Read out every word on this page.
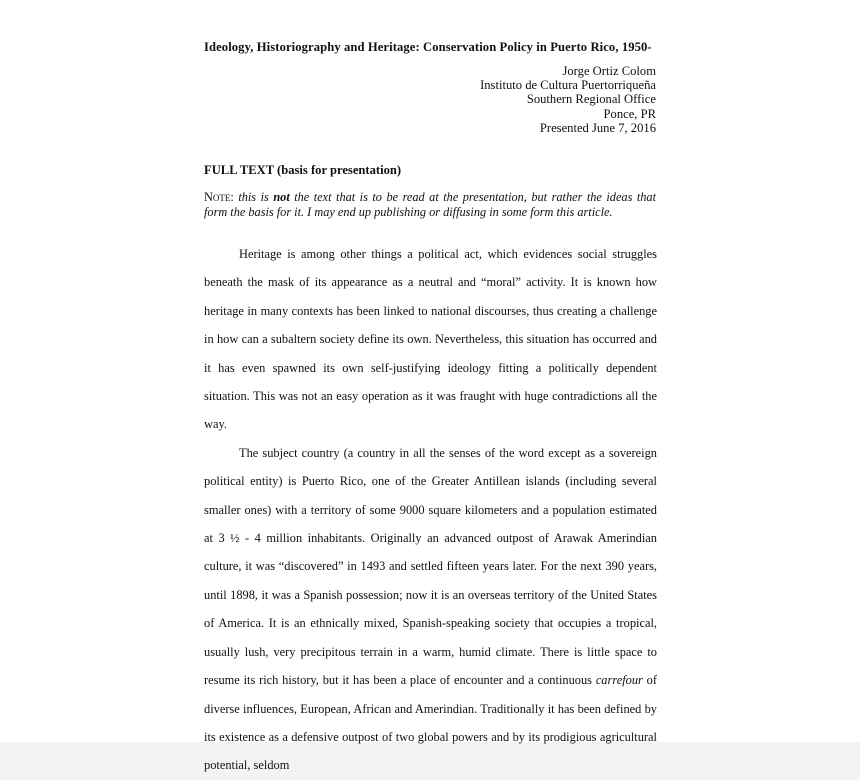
Ideology, Historiography and Heritage: Conservation Policy in Puerto Rico, 1950-
Jorge Ortiz Colom
Instituto de Cultura Puertorriqueña
Southern Regional Office
Ponce, PR
Presented June 7, 2016
FULL TEXT (basis for presentation)
Note: this is not the text that is to be read at the presentation, but rather the ideas that form the basis for it. I may end up publishing or diffusing in some form this article.

Heritage is among other things a political act, which evidences social struggles beneath the mask of its appearance as a neutral and “moral” activity. It is known how heritage in many contexts has been linked to national discourses, thus creating a challenge in how can a subaltern society define its own. Nevertheless, this situation has occurred and it has even spawned its own self-justifying ideology fitting a politically dependent situation. This was not an easy operation as it was fraught with huge contradictions all the way.

The subject country (a country in all the senses of the word except as a sovereign political entity) is Puerto Rico, one of the Greater Antillean islands (including several smaller ones) with a territory of some 9000 square kilometers and a population estimated at 3 ½ - 4 million inhabitants. Originally an advanced outpost of Arawak Amerindian culture, it was “discovered” in 1493 and settled fifteen years later. For the next 390 years, until 1898, it was a Spanish possession; now it is an overseas territory of the United States of America. It is an ethnically mixed, Spanish-speaking society that occupies a tropical, usually lush, very precipitous terrain in a warm, humid climate. There is little space to resume its rich history, but it has been a place of encounter and a continuous carrefour of diverse influences, European, African and Amerindian. Traditionally it has been defined by its existence as a defensive outpost of two global powers and by its prodigious agricultural potential, seldom
